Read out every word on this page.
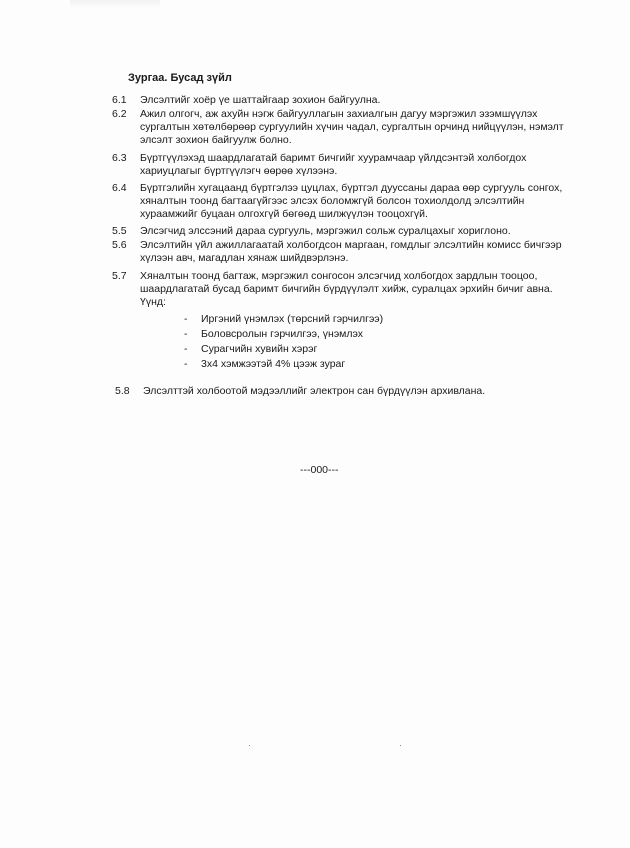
Зургаа. Бусад зүйл
6.1 Элсэлтийг хоёр үе шаттайгаар зохион байгуулна.
6.2 Ажил олгогч, аж ахуйн нэгж байгууллагын захиалгын дагуу мэргэжил эзэмшүүлэх
сургалтын хөтөлбөрөөр сургуулийн хүчин чадал, сургалтын орчинд нийцүүлэн, нэмэлт
элсэлт зохион байгуулж болно.
6.3 Бүртгүүлэхэд шаардлагатай баримт бичгийг хуурамчаар үйлдсэнтэй холбогдох
хариуцлагыг бүртгүүлэгч өөрөө хүлээнэ.
6.4 Бүртгэлийн хугацаанд бүртгэлээ цуцлах, бүртгэл дууссаны дараа өөр сургууль сонгох,
хяналтын тоонд багтаагүйгээс элсэх боломжгүй болсон тохиолдолд элсэлтийн
хураамжийг буцаан олгохгүй бөгөөд шилжүүлэн тооцохгүй.
5.5 Элсэгчид элссэний дараа сургууль, мэргэжил сольж суралцахыг хориглоно.
5.6 Элсэлтийн үйл ажиллагаатай холбогдсон маргаан, гомдлыг элсэлтийн комисс бичгээр
хүлээн авч, магадлан хянаж шийдвэрлэнэ.
5.7 Хяналтын тоонд багтаж, мэргэжил сонгосон элсэгчид холбогдох зардлын тооцоо,
шаардлагатай бусад баримт бичгийн бүрдүүлэлт хийж, суралцах эрхийн бичиг авна.
Үүнд:
- Иргэний үнэмлэх (төрсний гэрчилгээ)
- Боловсролын гэрчилгээ, үнэмлэх
- Сурагчийн хувийн хэрэг
- 3х4 хэмжээтэй 4% цээж зураг
5.8 Элсэлттэй холбоотой мэдээллийг электрон сан бүрдүүлэн архивлана.
---000---
